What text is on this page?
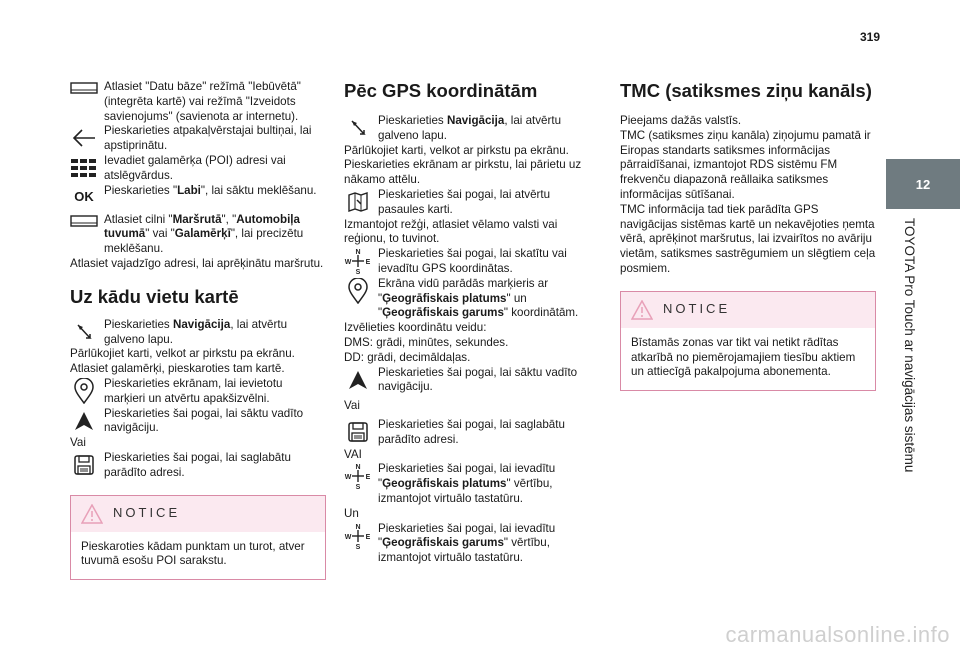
319
12
TOYOTA Pro Touch ar navigācijas sistēmu

Atlasiet "Datu bāze" režīmā "Iebūvētā" (integrēta kartē) vai režīmā "Izveidots savienojums" (savienota ar internetu).

Pieskarieties atpakaļvērstajai bultiņai, lai apstiprinātu.

Ievadiet galamērķa (POI) adresi vai atslēgvārdus.

OK Pieskarieties "Labi", lai sāktu meklēšanu.

Atlasiet cilni "Maršrutā", "Automobiļa tuvumā" vai "Galamērķī", lai precizētu meklēšanu.

Atlasiet vajadzīgo adresi, lai aprēķinātu maršrutu.

Uz kādu vietu kartē

Pieskarieties Navigācija, lai atvērtu galveno lapu.

Pārlūkojiet karti, velkot ar pirkstu pa ekrānu.

Atlasiet galamērķi, pieskaroties tam kartē.

Pieskarieties ekrānam, lai ievietotu marķieri un atvērtu apakšizvēlni.

Pieskarieties šai pogai, lai sāktu vadīto navigāciju.

Vai

Pieskarieties šai pogai, lai saglabātu parādīto adresi.

NOTICE
Pieskaroties kādam punktam un turot, atver tuvumā esošu POI sarakstu.
Pēc GPS koordinātām

Pieskarieties Navigācija, lai atvērtu galveno lapu.

Pārlūkojiet karti, velkot ar pirkstu pa ekrānu.

Pieskarieties ekrānam ar pirkstu, lai pārietu uz nākamo attēlu.

Pieskarieties šai pogai, lai atvērtu pasaules karti.

Izmantojot režģi, atlasiet vēlamo valsti vai reģionu, to tuvinot.

N
W E
S

Pieskarieties šai pogai, lai skatītu vai ievadītu GPS koordinātas.

Ekrāna vidū parādās marķieris ar "Ģeogrāfiskais platums" un "Ģeogrāfiskais garums" koordinātām.

Izvēlieties koordinātu veidu:

DMS: grādi, minūtes, sekundes.

DD: grādi, decimāldaļas.

Pieskarieties šai pogai, lai sāktu vadīto navigāciju.

Vai

Pieskarieties šai pogai, lai saglabātu parādīto adresi.

VAI

N
W E
S

Pieskarieties šai pogai, lai ievadītu "Ģeogrāfiskais platums" vērtību, izmantojot virtuālo tastatūru.

Un

N
W E
S

Pieskarieties šai pogai, lai ievadītu "Ģeogrāfiskais garums" vērtību, izmantojot virtuālo tastatūru.

TMC (satiksmes ziņu kanāls)

Pieejams dažās valstīs.

TMC (satiksmes ziņu kanāla) ziņojumu pamatā ir Eiropas standarts satiksmes informācijas pārraidīšanai, izmantojot RDS sistēmu FM frekvenču diapazonā reāllaika satiksmes informācijas sūtīšanai.

TMC informācija tad tiek parādīta GPS navigācijas sistēmas kartē un nekavējoties ņemta vērā, aprēķinot maršrutus, lai izvairītos no avāriju vietām, satiksmes sastrēgumiem un slēgtiem ceļa posmiem.

NOTICE
Bīstamās zonas var tikt vai netikt rādītas atkarībā no piemērojamajiem tiesību aktiem un attiecīgā pakalpojuma abonementa.
carmanualsonline.info
